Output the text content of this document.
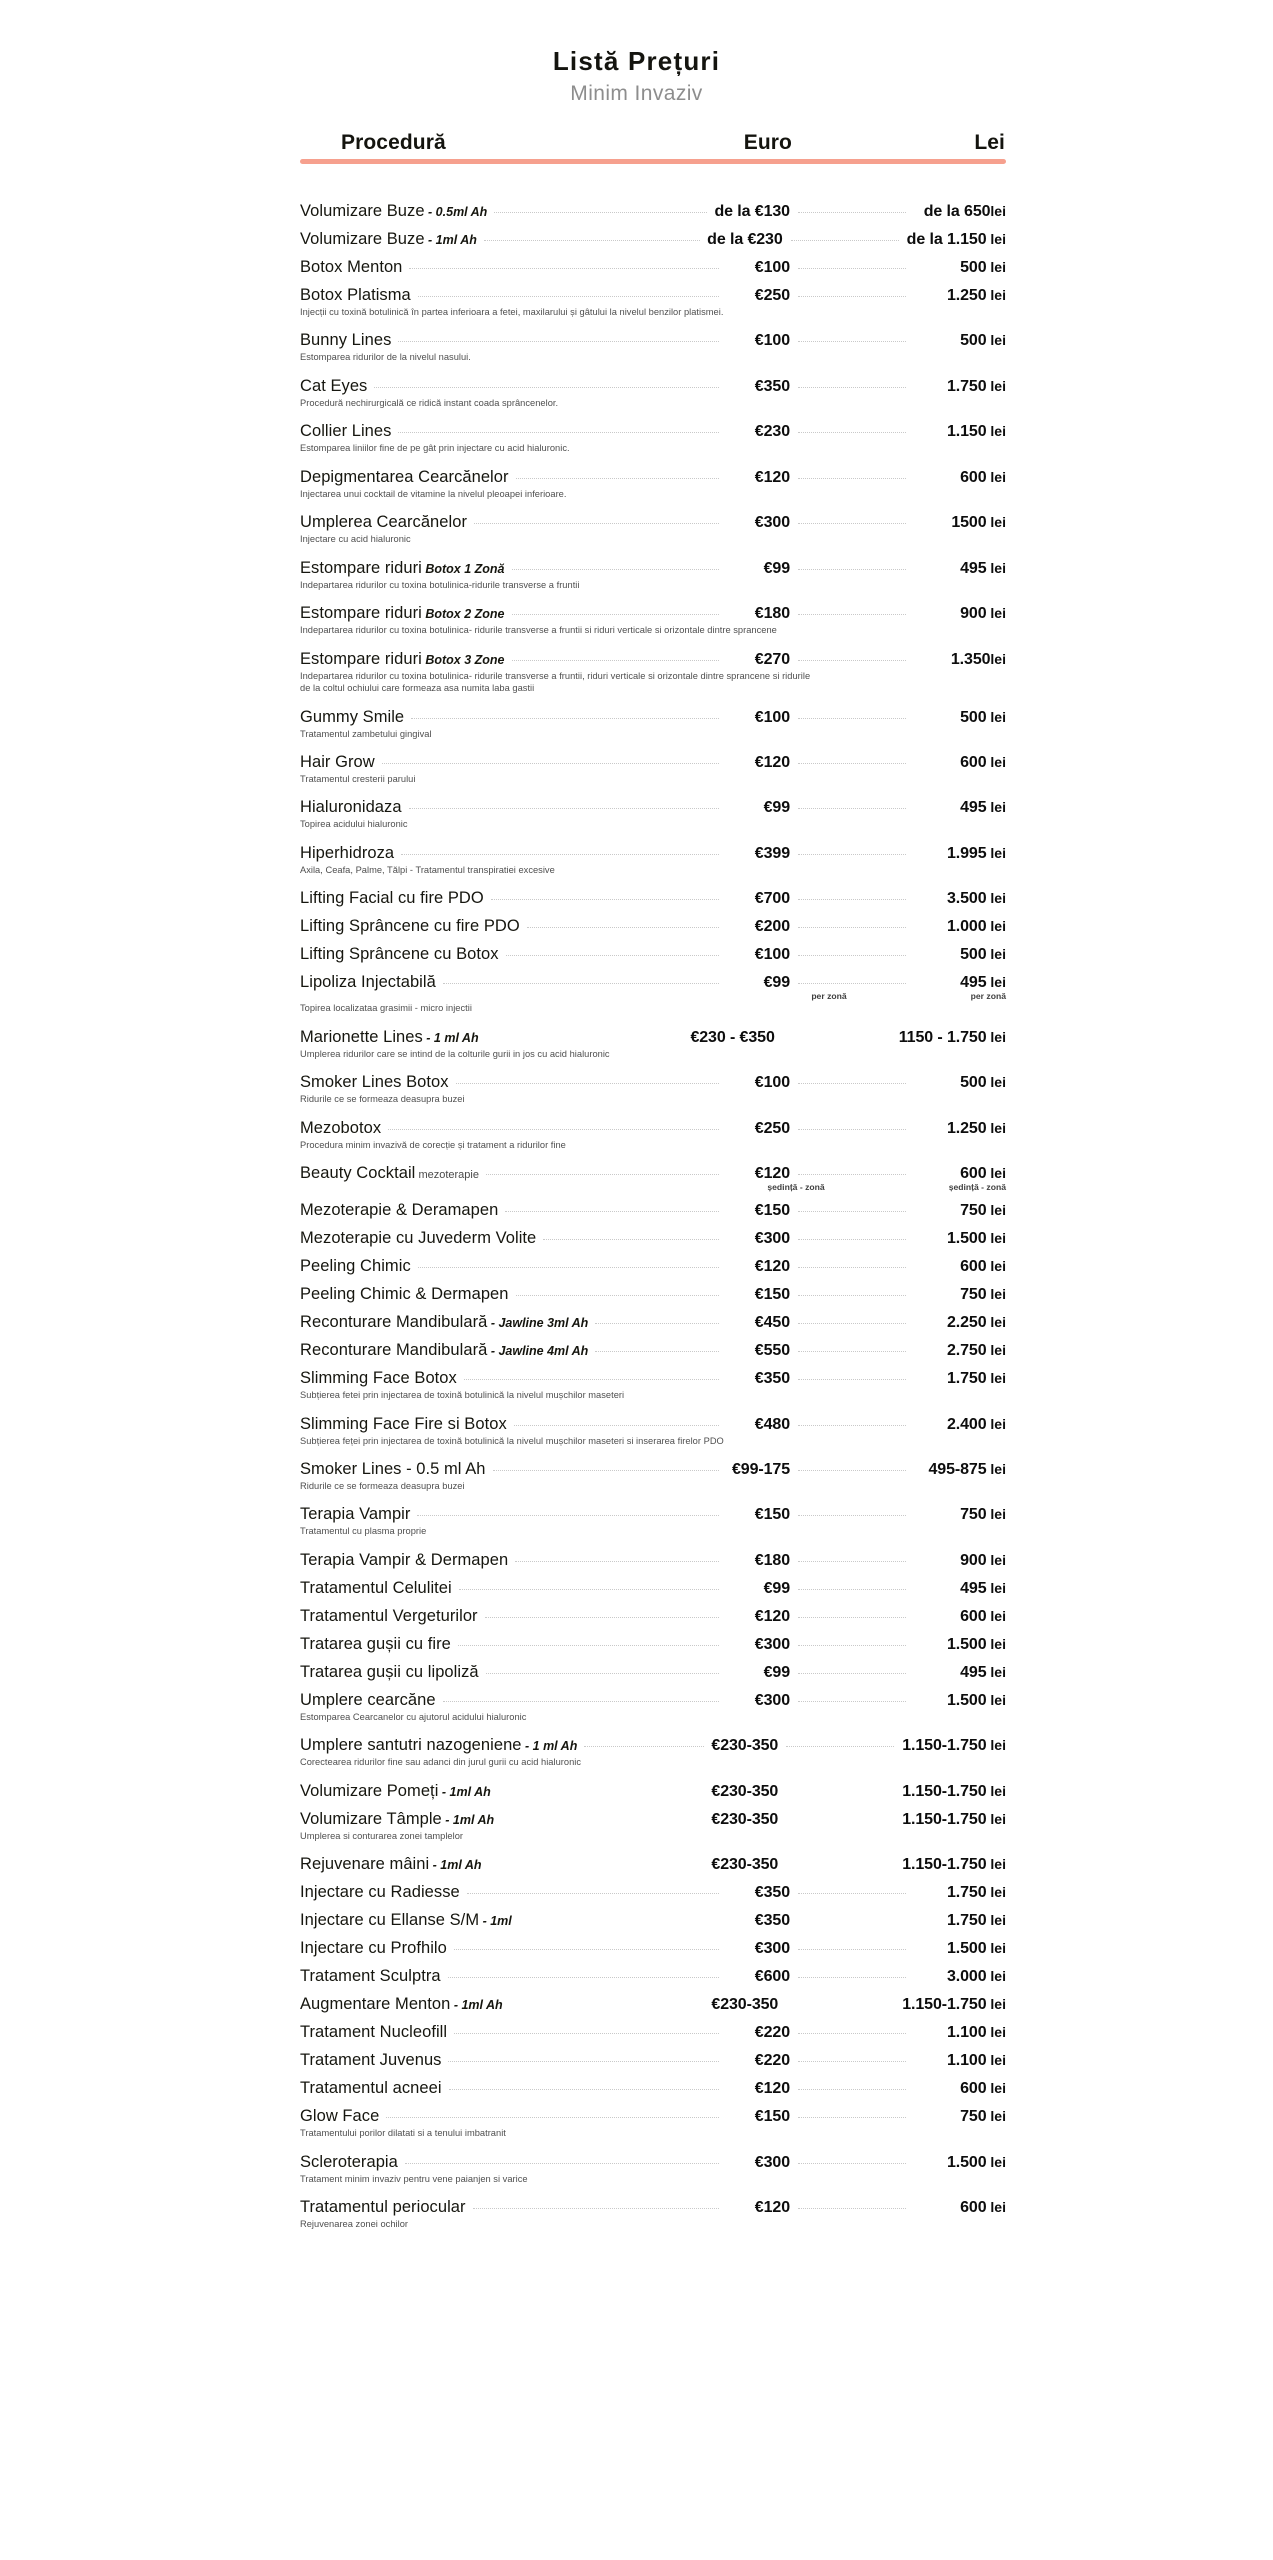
Listă Prețuri
Minim Invaziv
Procedură	Euro	Lei
Volumizare Buze - 0.5ml Ah	de la €130	de la 650lei
Volumizare Buze - 1ml Ah	de la €230	de la 1.150 lei
Botox Menton	€100	500 lei
Botox Platisma	€250	1.250 lei
Injecții cu toxină botulinică în partea inferioara a fetei, maxilarului și gâtului la nivelul benzilor platismei.
Bunny Lines	€100	500 lei
Estomparea ridurilor de la nivelul nasului.
Cat Eyes	€350	1.750 lei
Procedură nechirurgicală ce ridică instant coada sprâncenelor.
Collier Lines	€230	1.150 lei
Estomparea liniilor fine de pe gât prin injectare cu acid hialuronic.
Depigmentarea Cearcănelor	€120	600 lei
Injectarea unui cocktail de vitamine la nivelul pleoapei inferioare.
Umplerea Cearcănelor	€300	1500 lei
Injectare cu acid hialuronic
Estompare riduri Botox 1 Zonă	€99	495 lei
Indepartarea ridurilor cu toxina botulinica-ridurile transverse a fruntii
Estompare riduri Botox 2 Zone	€180	900 lei
Indepartarea ridurilor cu toxina botulinica- ridurile transverse a fruntii si riduri verticale si orizontale dintre sprancene
Estompare riduri Botox 3 Zone	€270	1.350lei
Indepartarea ridurilor cu toxina botulinica- ridurile transverse a fruntii, riduri verticale si orizontale dintre sprancene si ridurile de la coltul ochiului care formeaza asa numita laba gastii
Gummy Smile	€100	500 lei
Tratamentul zambetului gingival
Hair Grow	€120	600 lei
Tratamentul cresterii parului
Hialuronidaza	€99	495 lei
Topirea acidului hialuronic
Hiperhidroza	€399	1.995 lei
Axila, Ceafa, Palme, Tălpi - Tratamentul transpiratiei excesive
Lifting Facial cu fire PDO	€700	3.500 lei
Lifting Sprâncene cu fire PDO	€200	1.000 lei
Lifting Sprâncene cu Botox	€100	500 lei
Lipoliza Injectabilă	€99	495 lei
per zonă	per zonă
Topirea localizataa grasimii - micro injectii
Marionette Lines - 1 ml Ah	€230 - €350	1150 - 1.750 lei
Umplerea ridurilor care se intind de la colturile gurii in jos cu acid hialuronic
Smoker Lines Botox	€100	500 lei
Ridurile ce se formeaza deasupra buzei
Mezobotox	€250	1.250 lei
Procedura minim invazivă de corecție și tratament a ridurilor fine
Beauty Cocktail mezoterapie	€120	600 lei
ședință - zonă	ședință - zonă
Mezoterapie & Deramapen	€150	750 lei
Mezoterapie cu Juvederm Volite	€300	1.500 lei
Peeling Chimic	€120	600 lei
Peeling Chimic & Dermapen	€150	750 lei
Reconturare Mandibulară - Jawline 3ml Ah	€450	2.250 lei
Reconturare Mandibulară - Jawline 4ml Ah	€550	2.750 lei
Slimming Face Botox	€350	1.750 lei
Subțierea fetei prin injectarea de toxină botulinică la nivelul mușchilor maseteri
Slimming Face Fire si Botox	€480	2.400 lei
Subțierea feței prin injectarea de toxină botulinică la nivelul mușchilor maseteri si inserarea firelor PDO
Smoker Lines - 0.5 ml Ah	€99-175	495-875 lei
Ridurile ce se formeaza deasupra buzei
Terapia Vampir	€150	750 lei
Tratamentul cu plasma proprie
Terapia Vampir & Dermapen	€180	900 lei
Tratamentul Celulitei	€99	495 lei
Tratamentul Vergeturilor	€120	600 lei
Tratarea gușii cu fire	€300	1.500 lei
Tratarea gușii cu lipoliză	€99	495 lei
Umplere cearcăne	€300	1.500 lei
Estomparea Cearcanelor cu ajutorul acidului hialuronic
Umplere santutri nazogeniene - 1 ml Ah	€230-350	1.150-1.750 lei
Corectearea ridurilor fine sau adanci din jurul gurii cu acid hialuronic
Volumizare Pomeți - 1ml Ah	€230-350	1.150-1.750 lei
Volumizare Tâmple - 1ml Ah	€230-350	1.150-1.750 lei
Umplerea si conturarea zonei tamplelor
Rejuvenare mâini - 1ml Ah	€230-350	1.150-1.750 lei
Injectare cu Radiesse	€350	1.750 lei
Injectare cu Ellanse S/M - 1ml	€350	1.750 lei
Injectare cu Profhilo	€300	1.500 lei
Tratament Sculptra	€600	3.000 lei
Augmentare Menton - 1ml Ah	€230-350	1.150-1.750 lei
Tratament Nucleofill	€220	1.100 lei
Tratament Juvenus	€220	1.100 lei
Tratamentul acneei	€120	600 lei
Glow Face	€150	750 lei
Tratamentului porilor dilatati si a tenului imbatranit
Scleroterapia	€300	1.500 lei
Tratament minim invaziv pentru vene paianjen si varice
Tratamentul periocular	€120	600 lei
Rejuvenarea zonei ochilor
